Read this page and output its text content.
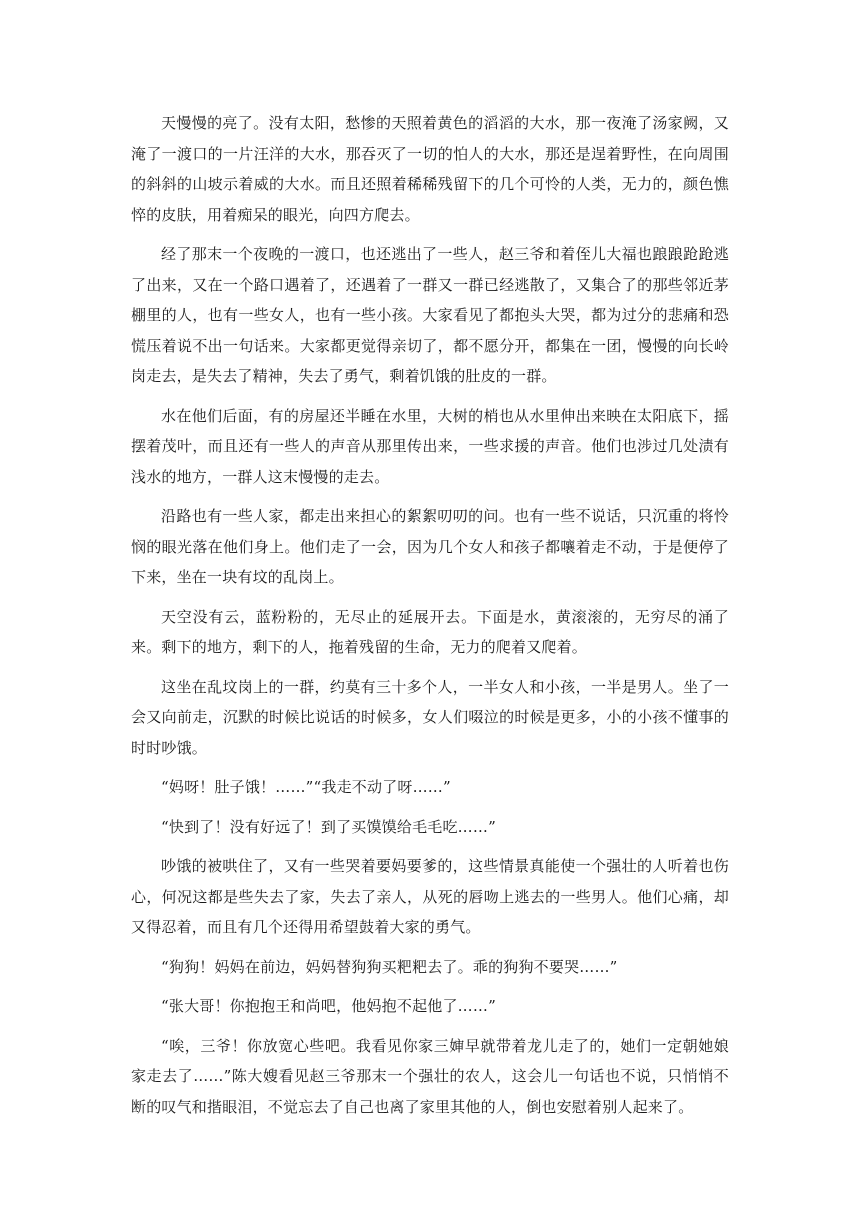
天慢慢的亮了。没有太阳，愁惨的天照着黄色的滔滔的大水，那一夜淹了汤家阙，又淹了一渡口的一片汪洋的大水，那吞灭了一切的怕人的大水，那还是逞着野性，在向周围的斜斜的山坡示着威的大水。而且还照着稀稀残留下的几个可怜的人类，无力的，颜色憔悴的皮肤，用着痴呆的眼光，向四方爬去。

经了那末一个夜晚的一渡口，也还逃出了一些人，赵三爷和着侄儿大福也踉踉跄跄逃了出来，又在一个路口遇着了，还遇着了一群又一群已经逃散了，又集合了的那些邻近茅棚里的人，也有一些女人，也有一些小孩。大家看见了都抱头大哭，都为过分的悲痛和恐慌压着说不出一句话来。大家都更觉得亲切了，都不愿分开，都集在一团，慢慢的向长岭岗走去，是失去了精神，失去了勇气，剩着饥饿的肚皮的一群。

水在他们后面，有的房屋还半睡在水里，大树的梢也从水里伸出来映在太阳底下，摇摆着茂叶，而且还有一些人的声音从那里传出来，一些求援的声音。他们也涉过几处渍有浅水的地方，一群人这末慢慢的走去。

沿路也有一些人家，都走出来担心的絮絮叨叨的问。也有一些不说话，只沉重的将怜悯的眼光落在他们身上。他们走了一会，因为几个女人和孩子都嚷着走不动，于是便停了下来，坐在一块有坟的乱岗上。

天空没有云，蓝粉粉的，无尽止的延展开去。下面是水，黄滚滚的，无穷尽的涌了来。剩下的地方，剩下的人，拖着残留的生命，无力的爬着又爬着。

这坐在乱坟岗上的一群，约莫有三十多个人，一半女人和小孩，一半是男人。坐了一会又向前走，沉默的时候比说话的时候多，女人们啜泣的时候是更多，小的小孩不懂事的时时吵饿。

“妈呀！肚子饿！……”“我走不动了呀……”

“快到了！没有好远了！到了买馍馍给毛毛吃……”

吵饿的被哄住了，又有一些哭着要妈要爹的，这些情景真能使一个强壮的人听着也伤心，何况这都是些失去了家，失去了亲人，从死的唇吻上逃去的一些男人。他们心痛，却又得忍着，而且有几个还得用希望鼓着大家的勇气。

“狗狗！妈妈在前边，妈妈替狗狗买粑粑去了。乖的狗狗不要哭……”

“张大哥！你抱抱王和尚吧，他妈抱不起他了……”

“唉，三爷！你放宽心些吧。我看见你家三婶早就带着龙儿走了的，她们一定朝她娘家走去了……”陈大嫂看见赵三爷那末一个强壮的农人，这会儿一句话也不说，只悄悄不断的叹气和揩眼泪，不觉忘去了自己也离了家里其他的人，倒也安慰着别人起来了。
